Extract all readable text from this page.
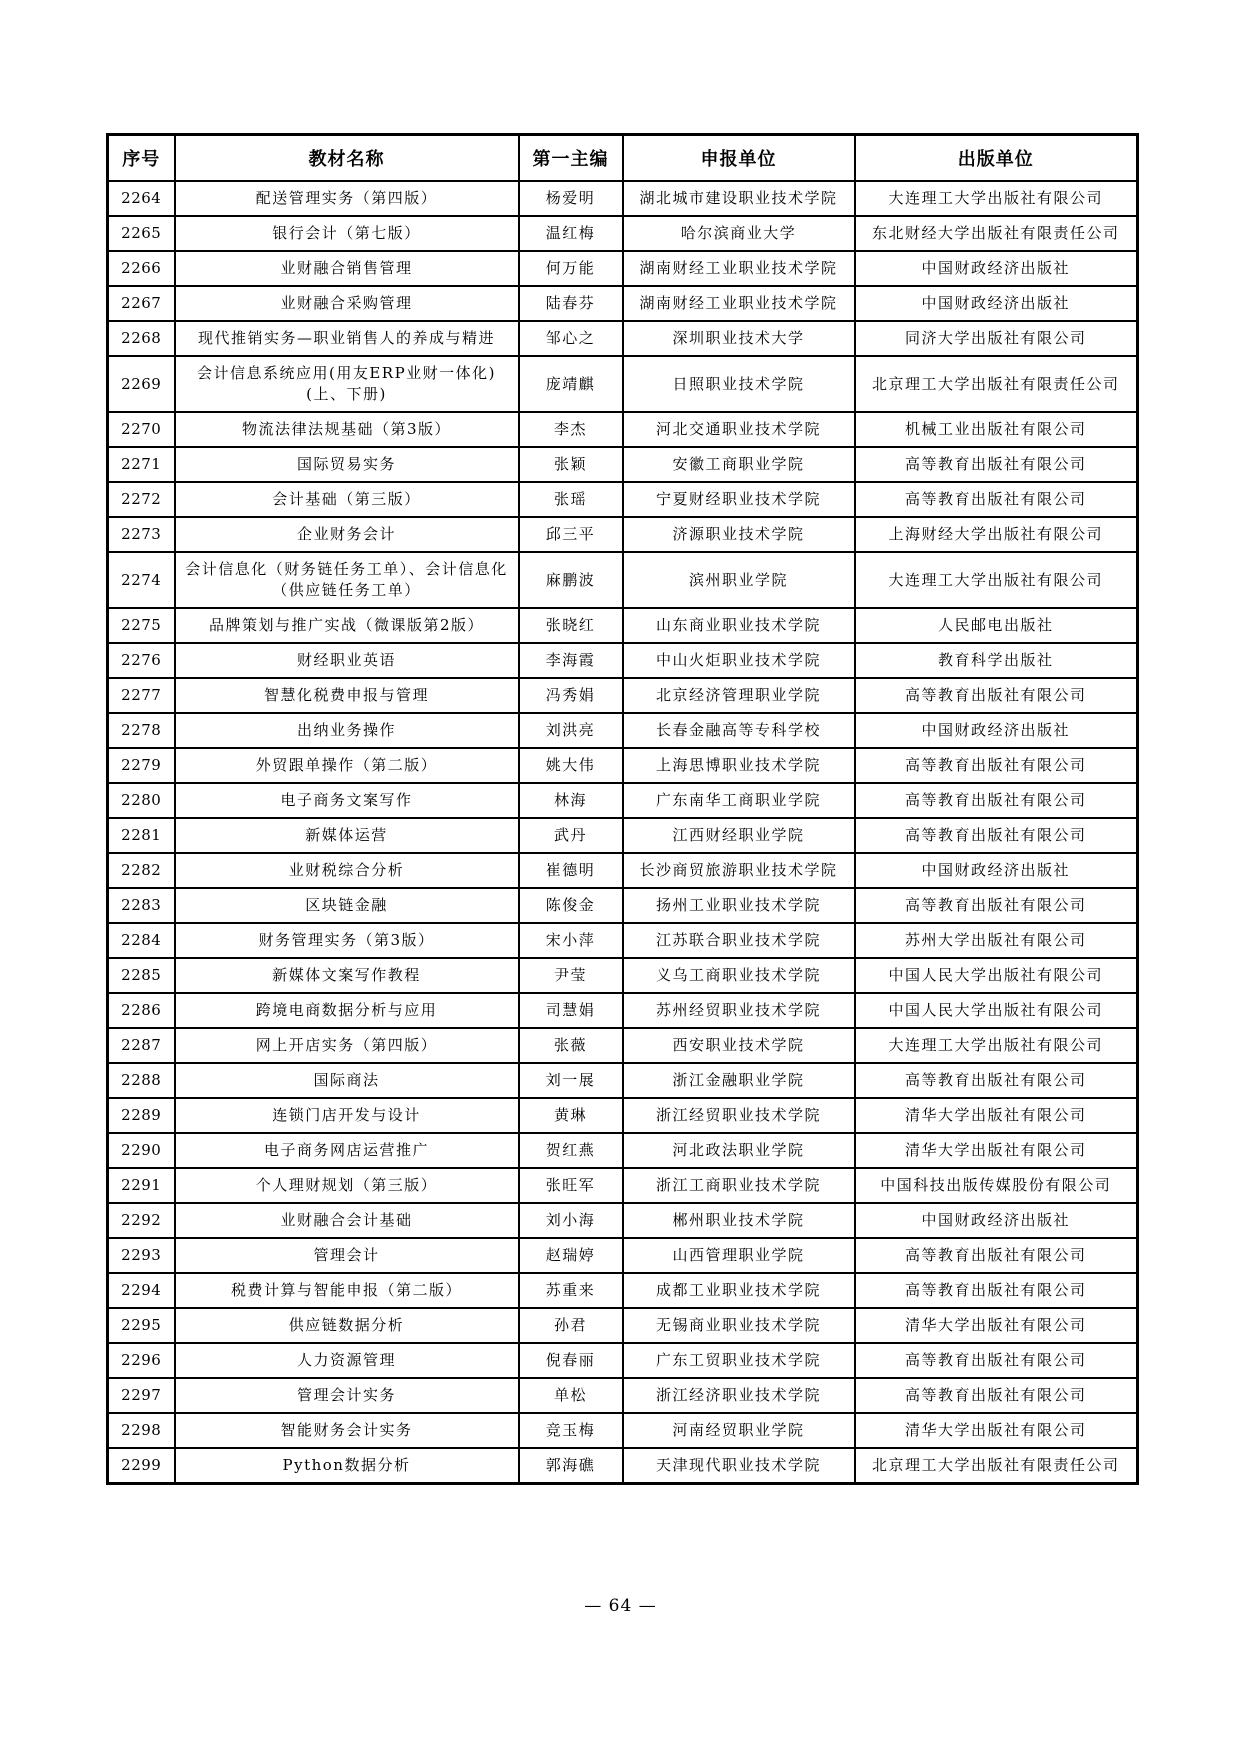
序号	教材名称	第一主编	申报单位	出版单位
2264	配送管理实务（第四版）	杨爱明	湖北城市建设职业技术学院	大连理工大学出版社有限公司
2265	银行会计（第七版）	温红梅	哈尔滨商业大学	东北财经大学出版社有限责任公司
2266	业财融合销售管理	何万能	湖南财经工业职业技术学院	中国财政经济出版社
2267	业财融合采购管理	陆春芬	湖南财经工业职业技术学院	中国财政经济出版社
2268	现代推销实务—职业销售人的养成与精进	邹心之	深圳职业技术大学	同济大学出版社有限公司
2269	会计信息系统应用(用友ERP业财一体化)(上、下册)	庞靖麒	日照职业技术学院	北京理工大学出版社有限责任公司
2270	物流法律法规基础（第3版）	李杰	河北交通职业技术学院	机械工业出版社有限公司
2271	国际贸易实务	张颖	安徽工商职业学院	高等教育出版社有限公司
2272	会计基础（第三版）	张瑶	宁夏财经职业技术学院	高等教育出版社有限公司
2273	企业财务会计	邱三平	济源职业技术学院	上海财经大学出版社有限公司
2274	会计信息化（财务链任务工单）、会计信息化（供应链任务工单）	麻鹏波	滨州职业学院	大连理工大学出版社有限公司
2275	品牌策划与推广实战（微课版第2版）	张晓红	山东商业职业技术学院	人民邮电出版社
2276	财经职业英语	李海霞	中山火炬职业技术学院	教育科学出版社
2277	智慧化税费申报与管理	冯秀娟	北京经济管理职业学院	高等教育出版社有限公司
2278	出纳业务操作	刘洪亮	长春金融高等专科学校	中国财政经济出版社
2279	外贸跟单操作（第二版）	姚大伟	上海思博职业技术学院	高等教育出版社有限公司
2280	电子商务文案写作	林海	广东南华工商职业学院	高等教育出版社有限公司
2281	新媒体运营	武丹	江西财经职业学院	高等教育出版社有限公司
2282	业财税综合分析	崔德明	长沙商贸旅游职业技术学院	中国财政经济出版社
2283	区块链金融	陈俊金	扬州工业职业技术学院	高等教育出版社有限公司
2284	财务管理实务（第3版）	宋小萍	江苏联合职业技术学院	苏州大学出版社有限公司
2285	新媒体文案写作教程	尹莹	义乌工商职业技术学院	中国人民大学出版社有限公司
2286	跨境电商数据分析与应用	司慧娟	苏州经贸职业技术学院	中国人民大学出版社有限公司
2287	网上开店实务（第四版）	张薇	西安职业技术学院	大连理工大学出版社有限公司
2288	国际商法	刘一展	浙江金融职业学院	高等教育出版社有限公司
2289	连锁门店开发与设计	黄琳	浙江经贸职业技术学院	清华大学出版社有限公司
2290	电子商务网店运营推广	贺红燕	河北政法职业学院	清华大学出版社有限公司
2291	个人理财规划（第三版）	张旺军	浙江工商职业技术学院	中国科技出版传媒股份有限公司
2292	业财融合会计基础	刘小海	郴州职业技术学院	中国财政经济出版社
2293	管理会计	赵瑞婷	山西管理职业学院	高等教育出版社有限公司
2294	税费计算与智能申报（第二版）	苏重来	成都工业职业技术学院	高等教育出版社有限公司
2295	供应链数据分析	孙君	无锡商业职业技术学院	清华大学出版社有限公司
2296	人力资源管理	倪春丽	广东工贸职业技术学院	高等教育出版社有限公司
2297	管理会计实务	单松	浙江经济职业技术学院	高等教育出版社有限公司
2298	智能财务会计实务	竞玉梅	河南经贸职业学院	清华大学出版社有限公司
2299	Python数据分析	郭海礁	天津现代职业技术学院	北京理工大学出版社有限责任公司
— 64 —
